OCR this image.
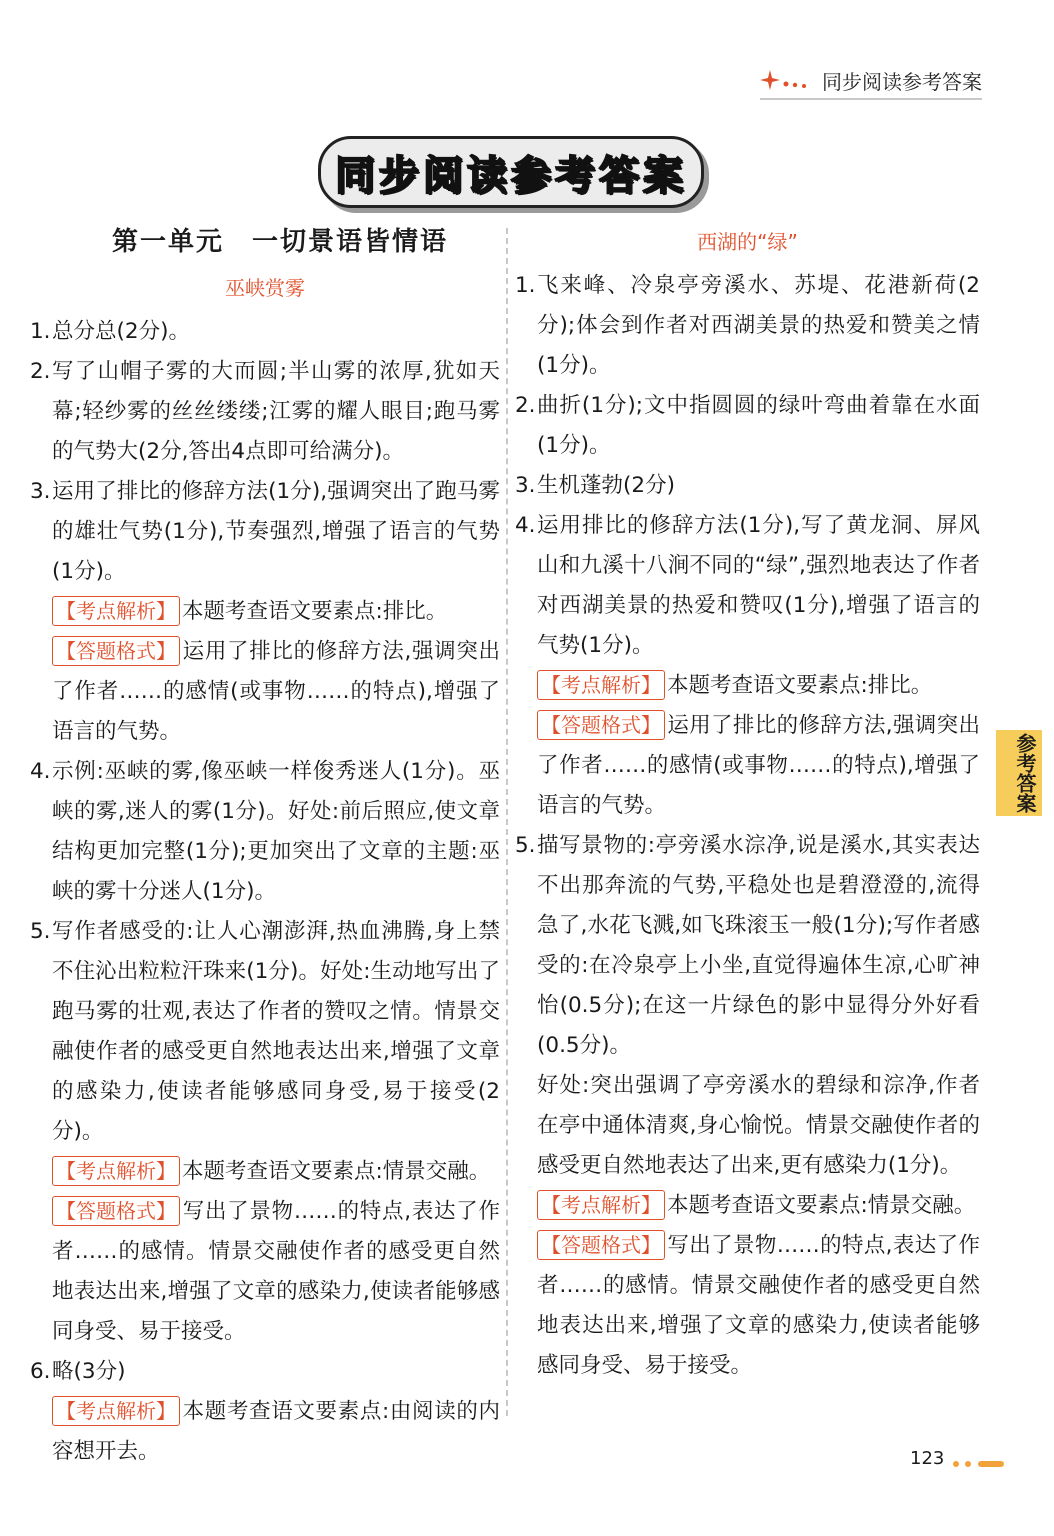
同步阅读参考答案
同步阅读参考答案
第一单元　一切景语皆情语
巫峡赏雾
1. 总分总(2分)。
2. 写了山帽子雾的大而圆;半山雾的浓厚,犹如天幕;轻纱雾的丝丝缕缕;江雾的耀人眼目;跑马雾的气势大(2分,答出4点即可给满分)。
3. 运用了排比的修辞方法(1分),强调突出了跑马雾的雄壮气势(1分),节奏强烈,增强了语言的气势(1分)。
【考点解析】 本题考查语文要素点:排比。
【答题格式】 运用了排比的修辞方法,强调突出了作者……的感情(或事物……的特点),增强了语言的气势。
4. 示例:巫峡的雾,像巫峡一样俊秀迷人(1分)。巫峡的雾,迷人的雾(1分)。好处:前后照应,使文章结构更加完整(1分);更加突出了文章的主题:巫峡的雾十分迷人(1分)。
5. 写作者感受的:让人心潮澎湃,热血沸腾,身上禁不住沁出粒粒汗珠来(1分)。好处:生动地写出了跑马雾的壮观,表达了作者的赞叹之情。情景交融使作者的感受更自然地表达出来,增强了文章的感染力,使读者能够感同身受,易于接受(2分)。
【考点解析】 本题考查语文要素点:情景交融。
【答题格式】 写出了景物……的特点,表达了作者……的感情。情景交融使作者的感受更自然地表达出来,增强了文章的感染力,使读者能够感同身受、易于接受。
6. 略(3分)
【考点解析】 本题考查语文要素点:由阅读的内容想开去。
西湖的“绿”
1. 飞来峰、冷泉亭旁溪水、苏堤、花港新荷(2分);体会到作者对西湖美景的热爱和赞美之情(1分)。
2. 曲折(1分);文中指圆圆的绿叶弯曲着靠在水面(1分)。
3. 生机蓬勃(2分)
4. 运用排比的修辞方法(1分),写了黄龙洞、屏风山和九溪十八涧不同的“绿”,强烈地表达了作者对西湖美景的热爱和赞叹(1分),增强了语言的气势(1分)。
【考点解析】 本题考查语文要素点:排比。
【答题格式】 运用了排比的修辞方法,强调突出了作者……的感情(或事物……的特点),增强了语言的气势。
5. 描写景物的:亭旁溪水淙净,说是溪水,其实表达不出那奔流的气势,平稳处也是碧澄澄的,流得急了,水花飞溅,如飞珠滚玉一般(1分);写作者感受的:在冷泉亭上小坐,直觉得遍体生凉,心旷神怡(0.5分);在这一片绿色的影中显得分外好看(0.5分)。
好处:突出强调了亭旁溪水的碧绿和淙净,作者在亭中通体清爽,身心愉悦。情景交融使作者的感受更自然地表达了出来,更有感染力(1分)。
【考点解析】 本题考查语文要素点:情景交融。
【答题格式】 写出了景物……的特点,表达了作者……的感情。情景交融使作者的感受更自然地表达出来,增强了文章的感染力,使读者能够感同身受、易于接受。
参考答案
123
